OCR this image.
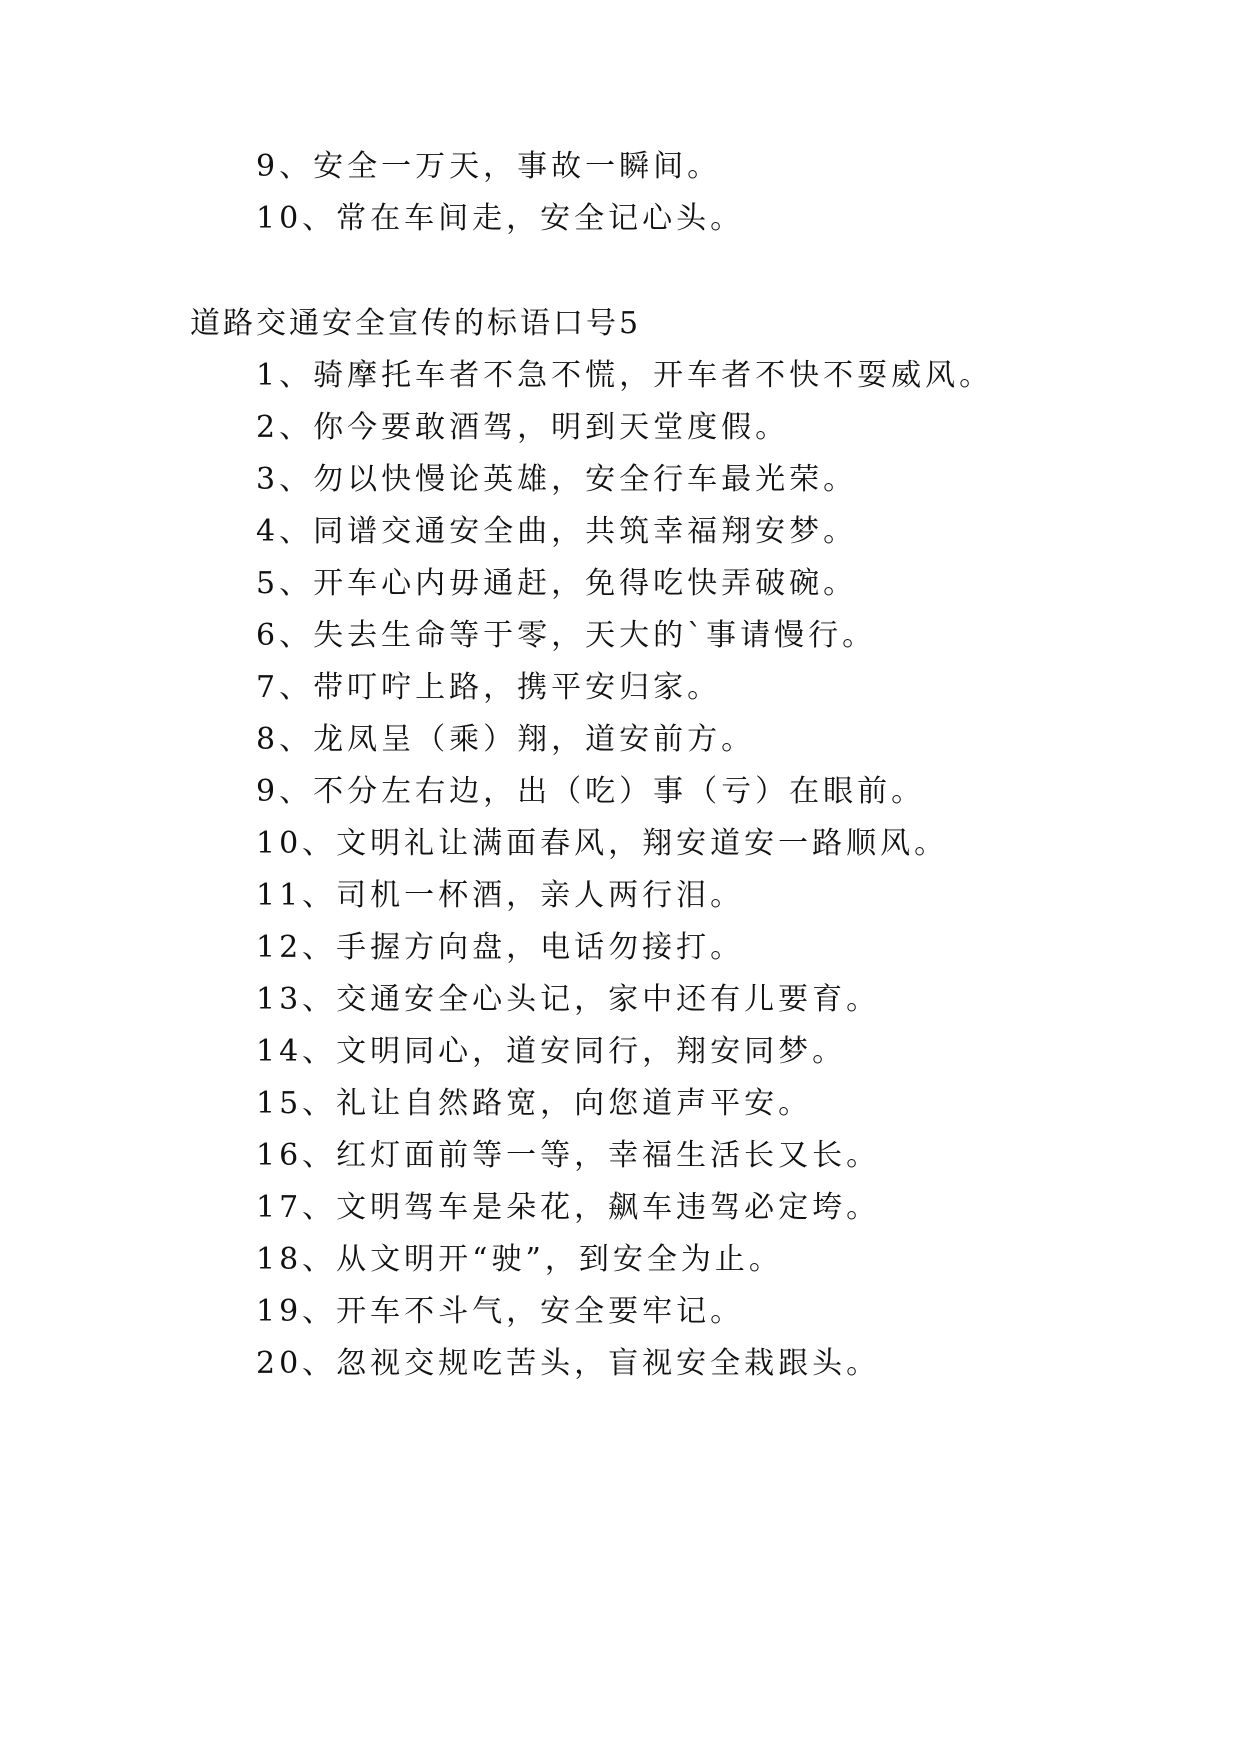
9、安全一万天，事故一瞬间。
10、常在车间走，安全记心头。
道路交通安全宣传的标语口号5
1、骑摩托车者不急不慌，开车者不快不耍威风。
2、你今要敢酒驾，明到天堂度假。
3、勿以快慢论英雄，安全行车最光荣。
4、同谱交通安全曲，共筑幸福翔安梦。
5、开车心内毋通赶，免得吃快弄破碗。
6、失去生命等于零，天大的`事请慢行。
7、带叮咛上路，携平安归家。
8、龙凤呈（乘）翔，道安前方。
9、不分左右边，出（吃）事（亏）在眼前。
10、文明礼让满面春风，翔安道安一路顺风。
11、司机一杯酒，亲人两行泪。
12、手握方向盘，电话勿接打。
13、交通安全心头记，家中还有儿要育。
14、文明同心，道安同行，翔安同梦。
15、礼让自然路宽，向您道声平安。
16、红灯面前等一等，幸福生活长又长。
17、文明驾车是朵花，飙车违驾必定垮。
18、从文明开“驶”，到安全为止。
19、开车不斗气，安全要牢记。
20、忽视交规吃苦头，盲视安全栽跟头。
